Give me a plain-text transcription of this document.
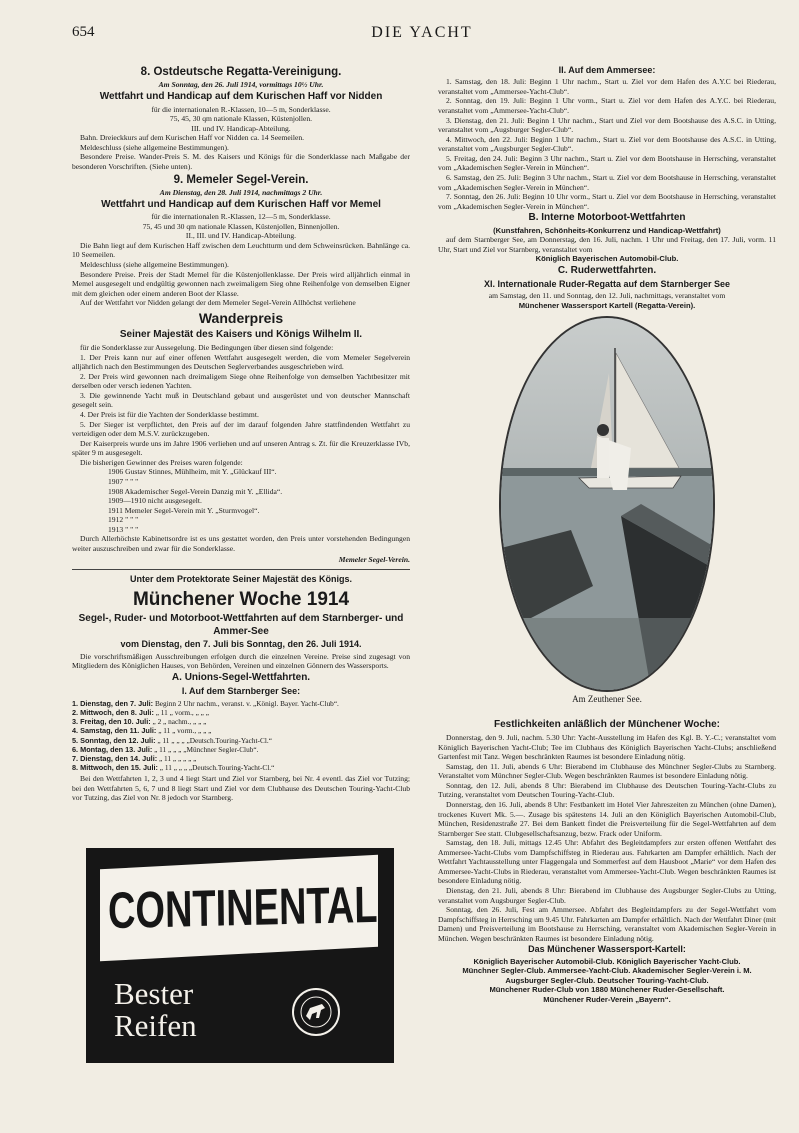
654	DIE YACHT
8. Ostdeutsche Regatta-Vereinigung.
Am Sonntag, den 26. Juli 1914, vormittags 10½ Uhr.
Wettfahrt und Handicap auf dem Kurischen Haff vor Nidden
für die internationalen R.-Klassen, 10—5 m, Sonderklasse.
75, 45, 30 qm nationale Klassen, Küstenjollen.
III. und IV. Handicap-Abteilung.

Bahn. Dreieckkurs auf dem Kurischen Haff vor Nidden ca. 14 Seemeilen.

Meldeschluss (siehe allgemeine Bestimmungen).

Besondere Preise. Wander-Preis S. M. des Kaisers und Königs für die Sonderklasse nach Maßgabe der besonderen Vorschriften. (Siehe unten).

9. Memeler Segel-Verein.
Am Dienstag, den 28. Juli 1914, nachmittags 2 Uhr.
Wettfahrt und Handicap auf dem Kurischen Haff vor Memel
für die internationalen R.-Klassen, 12—5 m, Sonderklasse.
75, 45 und 30 qm nationale Klassen, Küstenjollen, Binnenjollen.
II., III. und IV. Handicap-Abteilung.

Die Bahn liegt auf dem Kurischen Haff zwischen dem Leuchtturm und dem Schweinsrücken. Bahnlänge ca. 10 Seemeilen.

Meldeschluss (siehe allgemeine Bestimmungen).

Besondere Preise. Preis der Stadt Memel für die Küstenjollenklasse. Der Preis wird alljährlich einmal in Memel ausgesegelt und endgültig gewonnen nach zweimaligem Sieg ohne Reihenfolge von demselben Eigner mit dem gleichen oder einem anderen Boot der Klasse.

Auf der Wettfahrt vor Nidden gelangt der dem Memeler Segel-Verein Allhöchst verliehene

Wanderpreis
Seiner Majestät des Kaisers und Königs Wilhelm II.

für die Sonderklasse zur Aussegelung. Die Bedingungen über diesen sind folgende:

1. Der Preis kann nur auf einer offenen Wettfahrt ausgesegelt werden, die vom Memeler Segelverein alljährlich nach den Bestimmungen des Deutschen Seglerverbandes ausgeschrieben wird.

2. Der Preis wird gewonnen nach dreimaligem Siege ohne Reihenfolge von demselben Yachtbesitzer mit derselben oder versch iedenen Yachten.

3. Die gewinnende Yacht muß in Deutschland gebaut und ausgerüstet und von deutscher Mannschaft gesegelt sein.

4. Der Preis ist für die Yachten der Sonderklasse bestimmt.

5. Der Sieger ist verpflichtet, den Preis auf der im darauf folgenden Jahre stattfindenden Wettfahrt zu verteidigen oder dem M.S.V. zurückzugeben.

Der Kaiserpreis wurde uns im Jahre 1906 verliehen und auf unseren Antrag s. Zt. für die Kreuzerklasse IVb, später 9 m ausgesegelt.

Die bisherigen Gewinner des Preises waren folgende:

1906 Gustav Stinnes, Mühlheim, mit Y. „Glückauf III“.

1907 " " "

1908 Akademischer Segel-Verein Danzig mit Y. „Ellida“.

1909—1910 nicht ausgesegelt.

1911 Memeler Segel-Verein mit Y. „Sturmvogel“.

1912 " " "

1913 " " "

Durch Allerhöchste Kabinettsordre ist es uns gestattet worden, den Preis unter vorstehenden Bedingungen weiter auszuschreiben und zwar für die Sonderklasse.

Memeler Segel-Verein.
Unter dem Protektorate Seiner Majestät des Königs.
Münchener Woche 1914
Segel-, Ruder- und Motorboot-Wettfahrten auf dem Starnberger- und Ammer-See
vom Dienstag, den 7. Juli bis Sonntag, den 26. Juli 1914.

Die vorschriftsmäßigen Ausschreibungen erfolgen durch die einzelnen Vereine. Preise sind zugesagt von Mitgliedern des Königlichen Hauses, von Behörden, Vereinen und einzelnen Gönnern des Wassersports.

A. Unions-Segel-Wettfahrten.
I. Auf dem Starnberger See:
1. Dienstag, den 7. Juli: Beginn 2 Uhr nachm., veranst. v. „Königl. Bayer. Yacht-Club“.
2. Mittwoch, den 8. Juli: „ 11 „ vorm., „ „ „
3. Freitag, den 10. Juli: „ 2 „ nachm., „ „ „
4. Samstag, den 11. Juli: „ 11 „ vorm., „ „ „
5. Sonntag, den 12. Juli: „ 11 „ „ „ „Deutsch.Touring-Yacht-Cl.“
6. Montag, den 13. Juli: „ 11 „ „ „ „Münchner Segler-Club“.
7. Dienstag, den 14. Juli: „ 11 „ „ „ „ „
8. Mittwoch, den 15. Juli: „ 11 „ „ „ „Deutsch.Touring-Yacht-Cl.“

Bei den Wettfahrten 1, 2, 3 und 4 liegt Start und Ziel vor Starnberg, bei Nr. 4 eventl. das Ziel vor Tutzing; bei den Wettfahrten 5, 6, 7 und 8 liegt Start und Ziel vor dem Clubhause des Deutschen Touring-Yacht-Club vor Tutzing, das Ziel von Nr. 8 jedoch vor Starnberg.

CONTINENTAL
Bester
Reifen
II. Auf dem Ammersee:

1. Samstag, den 18. Juli: Beginn 1 Uhr nachm., Start u. Ziel vor dem Hafen des A.Y.C bei Riederau, veranstaltet vom „Ammersee-Yacht-Club“.

2. Sonntag, den 19. Juli: Beginn 1 Uhr vorm., Start u. Ziel vor dem Hafen des A.Y.C. bei Riederau, veranstaltet vom „Ammersee-Yacht-Club“.

3. Dienstag, den 21. Juli: Beginn 1 Uhr nachm., Start und Ziel vor dem Bootshause des A.S.C. in Utting, veranstaltet vom „Augsburger Segler-Club“.

4. Mittwoch, den 22. Juli: Beginn 1 Uhr nachm., Start u. Ziel vor dem Bootshause des A.S.C. in Utting, veranstaltet vom „Augsburger Segler-Club“.

5. Freitag, den 24. Juli: Beginn 3 Uhr nachm., Start u. Ziel vor dem Bootshause in Herrsching, veranstaltet vom „Akademischen Segler-Verein in München“.

6. Samstag, den 25. Juli: Beginn 3 Uhr nachm., Start u. Ziel vor dem Bootshause in Herrsching, veranstaltet vom „Akademischen Segler-Verein in München“.

7. Sonntag, den 26. Juli: Beginn 10 Uhr vorm., Start u. Ziel vor dem Bootshause in Herrsching, veranstaltet vom „Akademischen Segler-Verein in München“.

B. Interne Motorboot-Wettfahrten
(Kunstfahren, Schönheits-Konkurrenz und Handicap-Wettfahrt)

auf dem Starnberger See, am Donnerstag, den 16. Juli, nachm. 1 Uhr und Freitag, den 17. Juli, vorm. 11 Uhr, Start und Ziel vor Starnberg, veranstaltet vom

Königlich Bayerischen Automobil-Club.
C. Ruderwettfahrten.
XI. Internationale Ruder-Regatta auf dem Starnberger See
am Samstag, den 11. und Sonntag, den 12. Juli, nachmittags, veranstaltet vom
Münchener Wassersport Kartell (Regatta-Verein).
Am Zeuthener See.
Festlichkeiten anläßlich der Münchener Woche:

Donnerstag, den 9. Juli, nachm. 5.30 Uhr: Yacht-Ausstellung im Hafen des Kgl. B. Y.-C.; veranstaltet vom Königlich Bayerischen Yacht-Club; Tee im Clubhaus des Königlich Bayerischen Yacht-Clubs; anschließend Gartenfest mit Tanz. Wegen beschränkten Raumes ist besondere Einladung nötig.

Samstag, den 11. Juli, abends 6 Uhr: Bierabend im Clubhause des Münchner Segler-Clubs zu Starnberg. Veranstaltet vom Münchner Segler-Club. Wegen beschränkten Raumes ist besondere Einladung nötig.

Sonntag, den 12. Juli, abends 8 Uhr: Bierabend im Clubhause des Deutschen Touring-Yacht-Clubs zu Tutzing, veranstaltet vom Deutschen Touring-Yacht-Club.

Donnerstag, den 16. Juli, abends 8 Uhr: Festbankett im Hotel Vier Jahreszeiten zu München (ohne Damen), trockenes Kuvert Mk. 5.—. Zusage bis spätestens 14. Juli an den Königlich Bayerischen Automobil-Club, München, Residenzstraße 27. Bei dem Bankett findet die Preisverteilung für die Segel-Wettfahrten auf dem Starnberger See statt. Clubgesellschaftsanzug, bezw. Frack oder Uniform.

Samstag, den 18. Juli, mittags 12.45 Uhr: Abfahrt des Begleitdampfers zur ersten offenen Wettfahrt des Ammersee-Yacht-Clubs vom Dampfschiffsteg in Riederau aus. Fahrkarten am Dampfer erhältlich. Nach der Wettfahrt Yachtausstellung unter Flaggengala und Sommerfest auf dem Hausboot „Marie“ vor dem Hafen des Ammersee-Yacht-Clubs in Riederau, veranstaltet vom Ammersee-Yacht-Club. Wegen beschränkten Raumes ist besondere Einladung nötig.

Dienstag, den 21. Juli, abends 8 Uhr: Bierabend im Clubhause des Augsburger Segler-Clubs zu Utting, veranstaltet vom Augsburger Segler-Club.

Sonntag, den 26. Juli, Fest am Ammersee. Abfahrt des Begleitdampfers zu der Segel-Wettfahrt vom Dampfschiffsteg in Herrsching um 9.45 Uhr. Fahrkarten am Dampfer erhältlich. Nach der Wettfahrt Diner (mit Damen) und Preisverteilung im Bootshause zu Herrsching, veranstaltet vom Akademischen Segler-Verein in München. Wegen beschränkten Raumes ist besondere Einladung nötig.

Das Münchener Wassersport-Kartell:
Königlich Bayerischer Automobil-Club. Königlich Bayerischer Yacht-Club.
Münchner Segler-Club. Ammersee-Yacht-Club. Akademischer Segler-Verein i. M.
Augsburger Segler-Club. Deutscher Touring-Yacht-Club.
Münchener Ruder-Club von 1880 Münchener Ruder-Gesellschaft.
Münchener Ruder-Verein „Bayern“.
